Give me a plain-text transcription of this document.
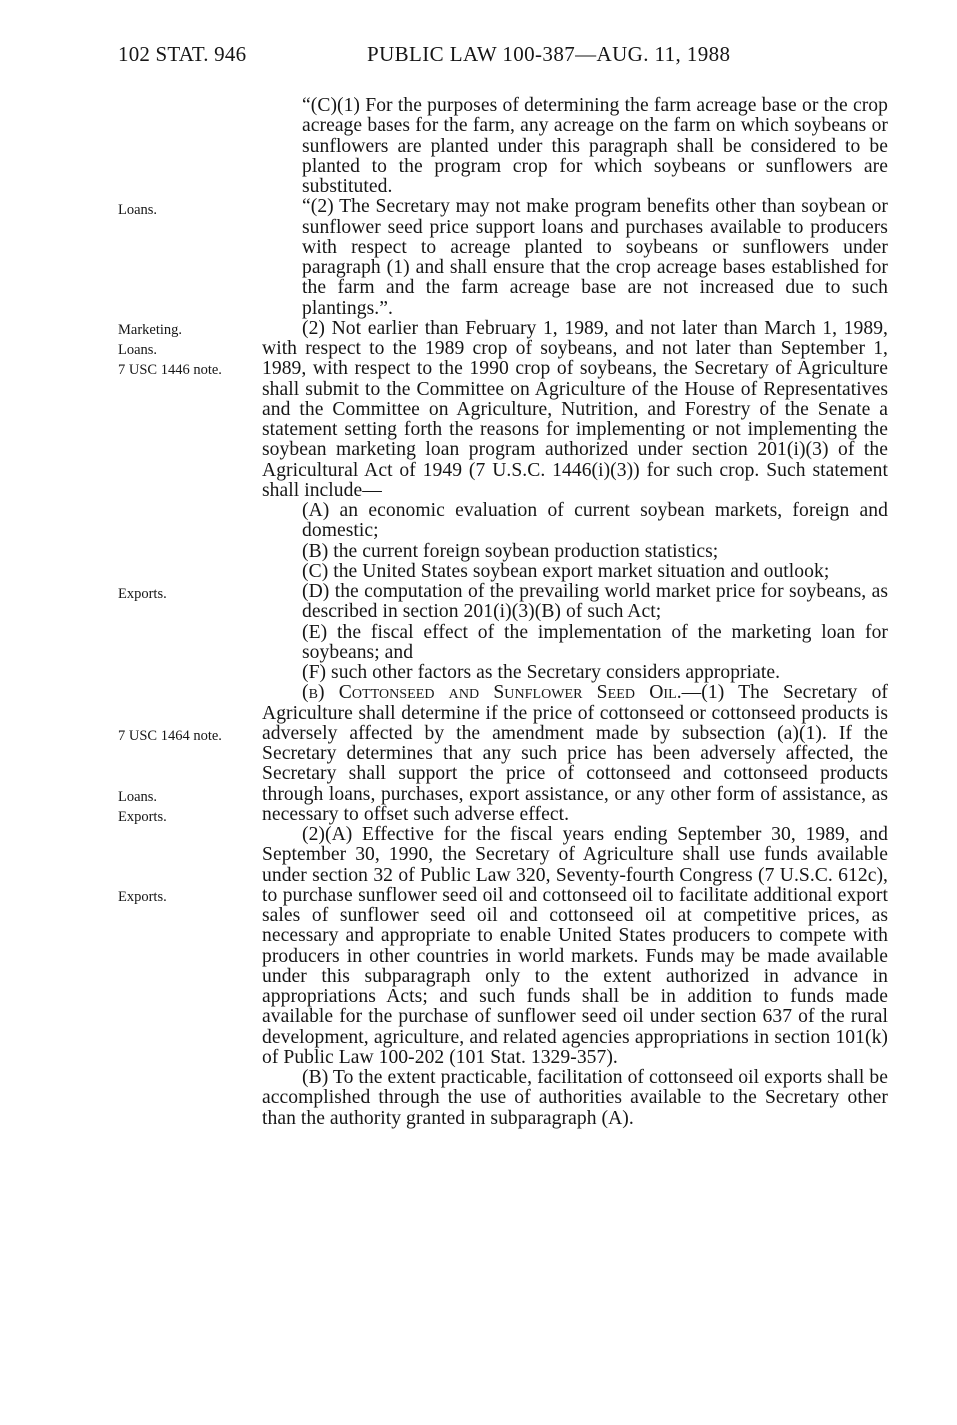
102 STAT. 946	PUBLIC LAW 100-387—AUG. 11, 1988
Loans.
Marketing.
Loans.
7 USC 1446 note.
Exports.
7 USC 1464 note.
Loans.
Exports.
Exports.

“(C)(1) For the purposes of determining the farm acreage base or the crop acreage bases for the farm, any acreage on the farm on which soybeans or sunflowers are planted under this paragraph shall be considered to be planted to the program crop for which soybeans or sunflowers are substituted.

“(2) The Secretary may not make program benefits other than soybean or sunflower seed price support loans and purchases available to producers with respect to acreage planted to soybeans or sunflowers under paragraph (1) and shall ensure that the crop acreage bases established for the farm and the farm acreage base are not increased due to such plantings.”.

(2) Not earlier than February 1, 1989, and not later than March 1, 1989, with respect to the 1989 crop of soybeans, and not later than September 1, 1989, with respect to the 1990 crop of soybeans, the Secretary of Agriculture shall submit to the Committee on Agriculture of the House of Representatives and the Committee on Agriculture, Nutrition, and Forestry of the Senate a statement setting forth the reasons for implementing or not implementing the soybean marketing loan program authorized under section 201(i)(3) of the Agricultural Act of 1949 (7 U.S.C. 1446(i)(3)) for such crop. Such statement shall include—

(A) an economic evaluation of current soybean markets, foreign and domestic;

(B) the current foreign soybean production statistics;

(C) the United States soybean export market situation and outlook;

(D) the computation of the prevailing world market price for soybeans, as described in section 201(i)(3)(B) of such Act;

(E) the fiscal effect of the implementation of the marketing loan for soybeans; and

(F) such other factors as the Secretary considers appropriate.

(b) Cottonseed and Sunflower Seed Oil.—(1) The Secretary of Agriculture shall determine if the price of cottonseed or cottonseed products is adversely affected by the amendment made by subsection (a)(1). If the Secretary determines that any such price has been adversely affected, the Secretary shall support the price of cottonseed and cottonseed products through loans, purchases, export assistance, or any other form of assistance, as necessary to offset such adverse effect.

(2)(A) Effective for the fiscal years ending September 30, 1989, and September 30, 1990, the Secretary of Agriculture shall use funds available under section 32 of Public Law 320, Seventy-fourth Congress (7 U.S.C. 612c), to purchase sunflower seed oil and cottonseed oil to facilitate additional export sales of sunflower seed oil and cottonseed oil at competitive prices, as necessary and appropriate to enable United States producers to compete with producers in other countries in world markets. Funds may be made available under this subparagraph only to the extent authorized in advance in appropriations Acts; and such funds shall be in addition to funds made available for the purchase of sunflower seed oil under section 637 of the rural development, agriculture, and related agencies appropriations in section 101(k) of Public Law 100-202 (101 Stat. 1329-357).

(B) To the extent practicable, facilitation of cottonseed oil exports shall be accomplished through the use of authorities available to the Secretary other than the authority granted in subparagraph (A).
